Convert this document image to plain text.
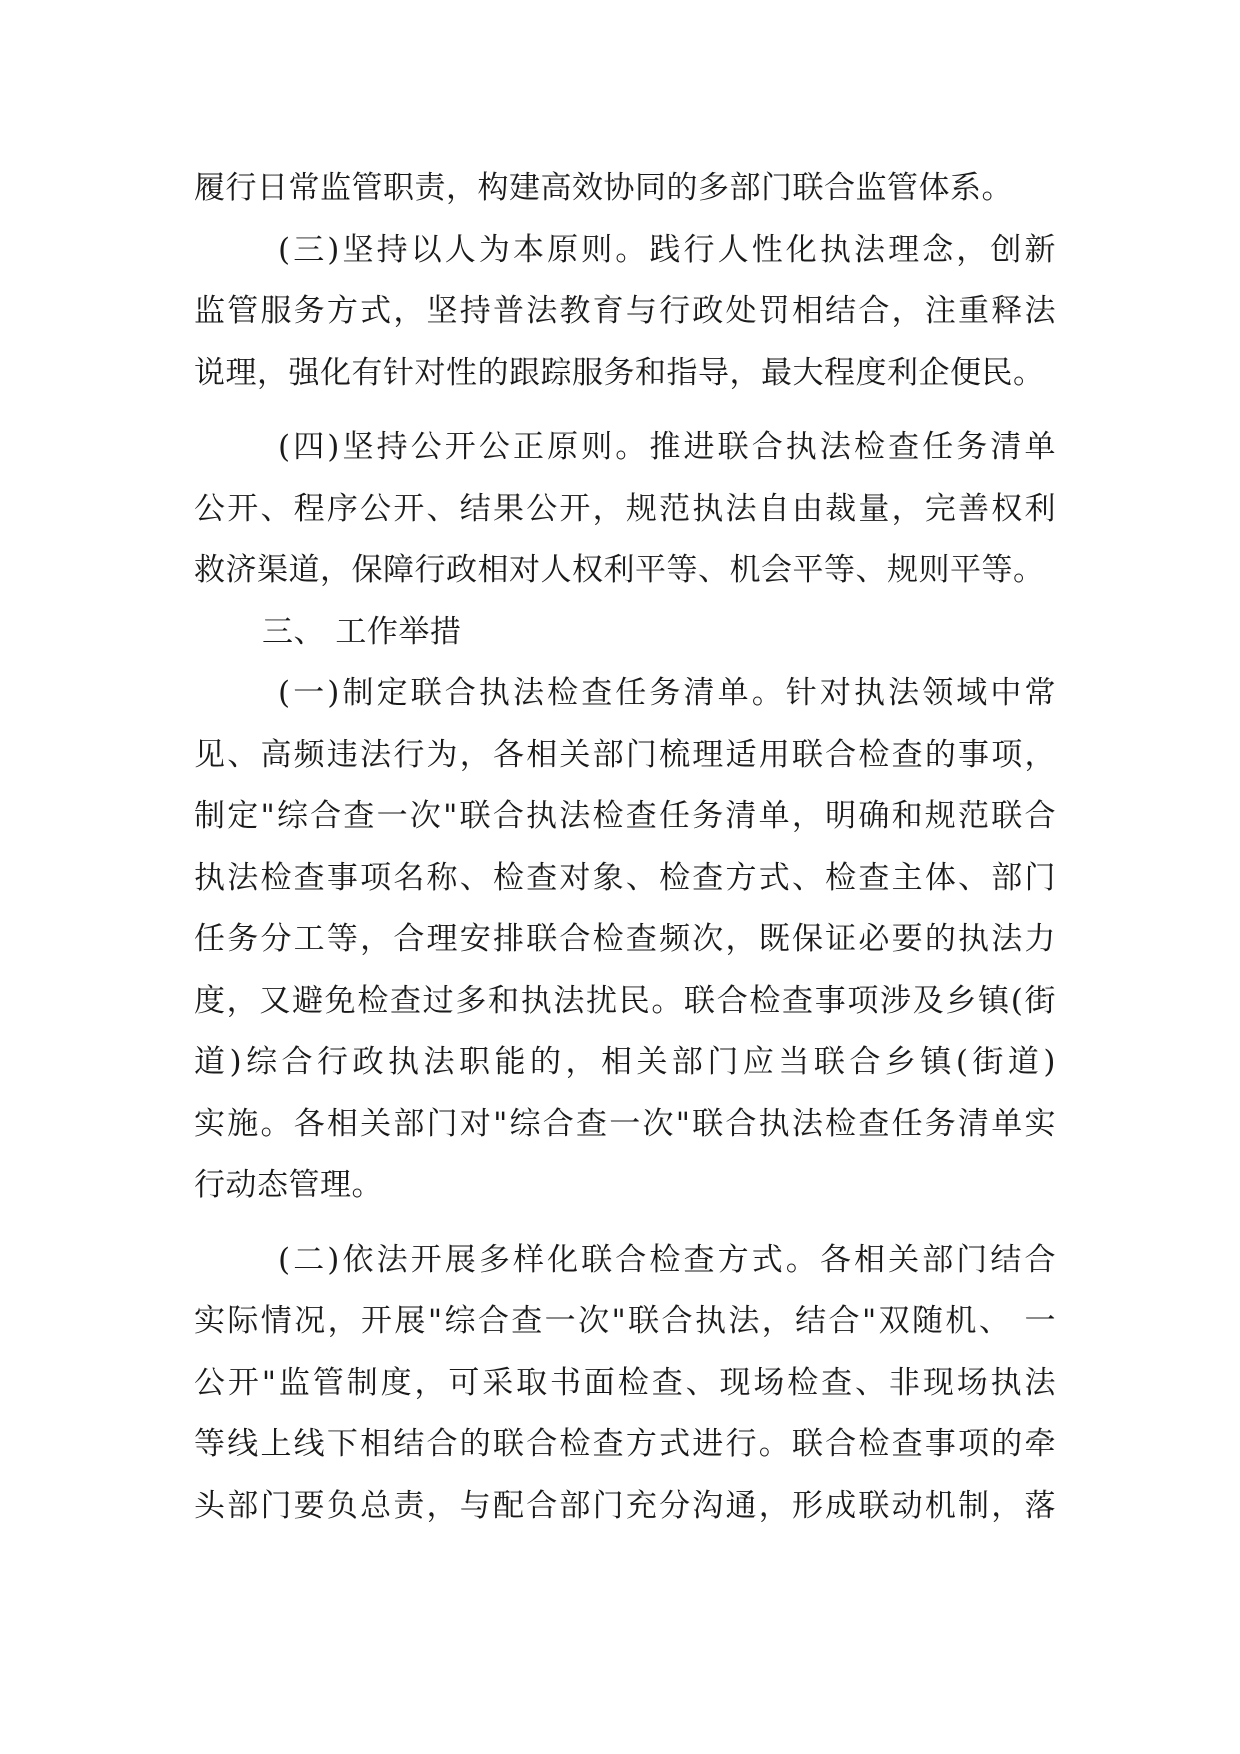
履行日常监管职责，构建高效协同的多部门联合监管体系。
(三)坚持以人为本原则。践行人性化执法理念，创新
监管服务方式，坚持普法教育与行政处罚相结合，注重释法
说理，强化有针对性的跟踪服务和指导，最大程度利企便民。
(四)坚持公开公正原则。推进联合执法检查任务清单
公开、程序公开、结果公开，规范执法自由裁量，完善权利
救济渠道，保障行政相对人权利平等、机会平等、规则平等。
三、 工作举措
(一)制定联合执法检查任务清单。针对执法领域中常
见、高频违法行为，各相关部门梳理适用联合检查的事项，
制定"综合查一次"联合执法检查任务清单，明确和规范联合
执法检查事项名称、检查对象、检查方式、检查主体、部门
任务分工等，合理安排联合检查频次，既保证必要的执法力
度，又避免检查过多和执法扰民。联合检查事项涉及乡镇(街
道)综合行政执法职能的，相关部门应当联合乡镇(街道)
实施。各相关部门对"综合查一次"联合执法检查任务清单实
行动态管理。
(二)依法开展多样化联合检查方式。各相关部门结合
实际情况，开展"综合查一次"联合执法，结合"双随机、 一
公开"监管制度，可采取书面检查、现场检查、非现场执法
等线上线下相结合的联合检查方式进行。联合检查事项的牵
头部门要负总责，与配合部门充分沟通，形成联动机制，落
